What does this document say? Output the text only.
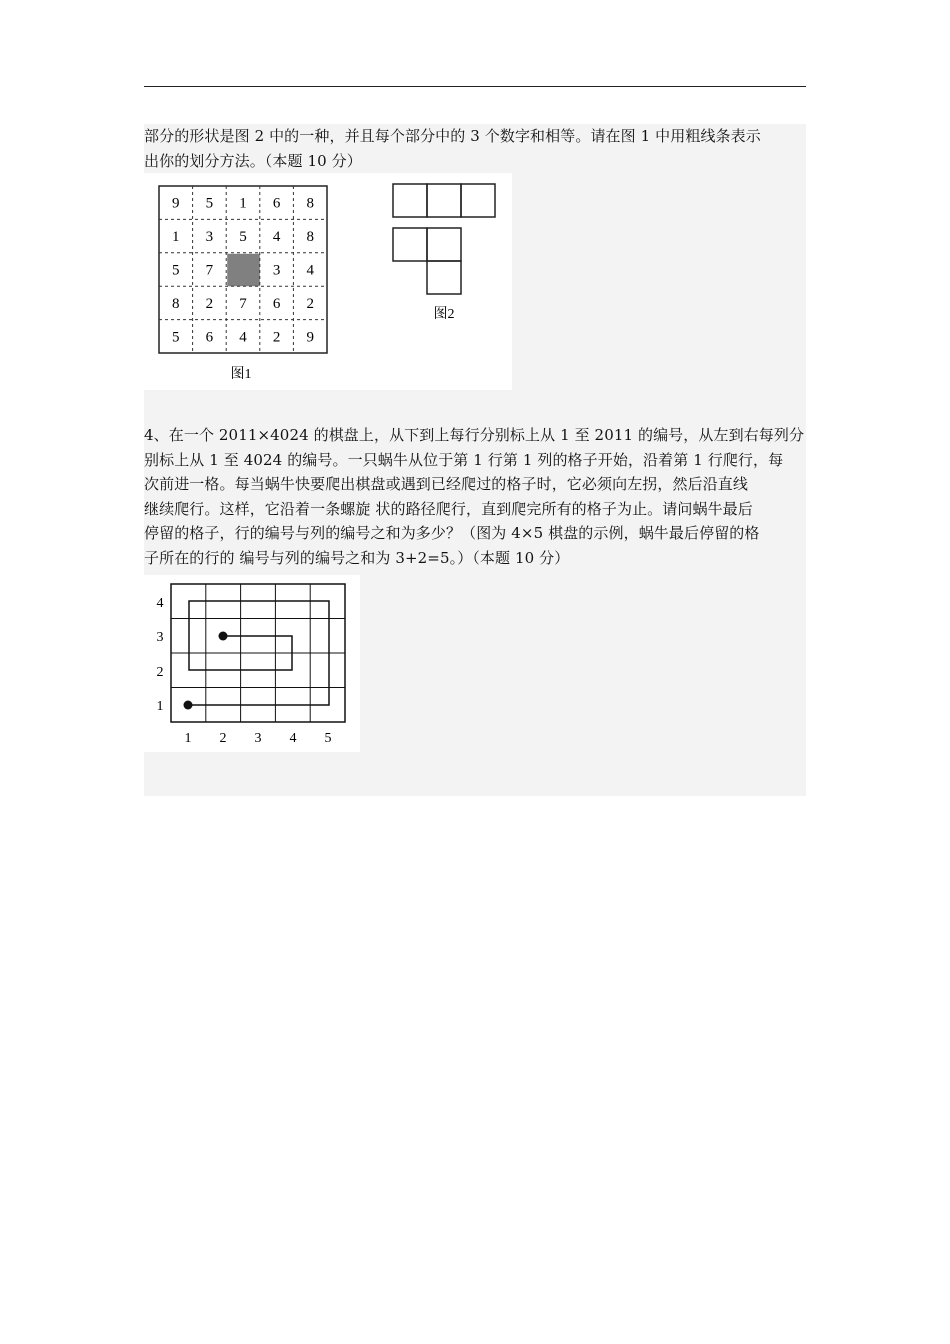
部分的形状是图 2 中的一种，并且每个部分中的 3 个数字和相等。请在图 1 中用粗线条表示
出你的划分方法。（本题 10 分）
9 5 1 6 8
1 3 5 4 8
5 7	3 4
8 2 7 6 2
5 6 4 2 9
图1
图2
4、在一个 2011×4024 的棋盘上，从下到上每行分别标上从 1 至 2011 的编号，从左到右每列分
别标上从 1 至 4024 的编号。一只蜗牛从位于第 1 行第 1 列的格子开始，沿着第 1 行爬行，每
次前进一格。每当蜗牛快要爬出棋盘或遇到已经爬过的格子时，它必须向左拐，然后沿直线
继续爬行。这样，它沿着一条螺旋 状的路径爬行，直到爬完所有的格子为止。请问蜗牛最后
停留的格子，行的编号与列的编号之和为多少？（图为 4×5 棋盘的示例，蜗牛最后停留的格
子所在的行的 编号与列的编号之和为 3+2=5。）（本题 10 分）
4
3
2
1
1 2 3 4 5
